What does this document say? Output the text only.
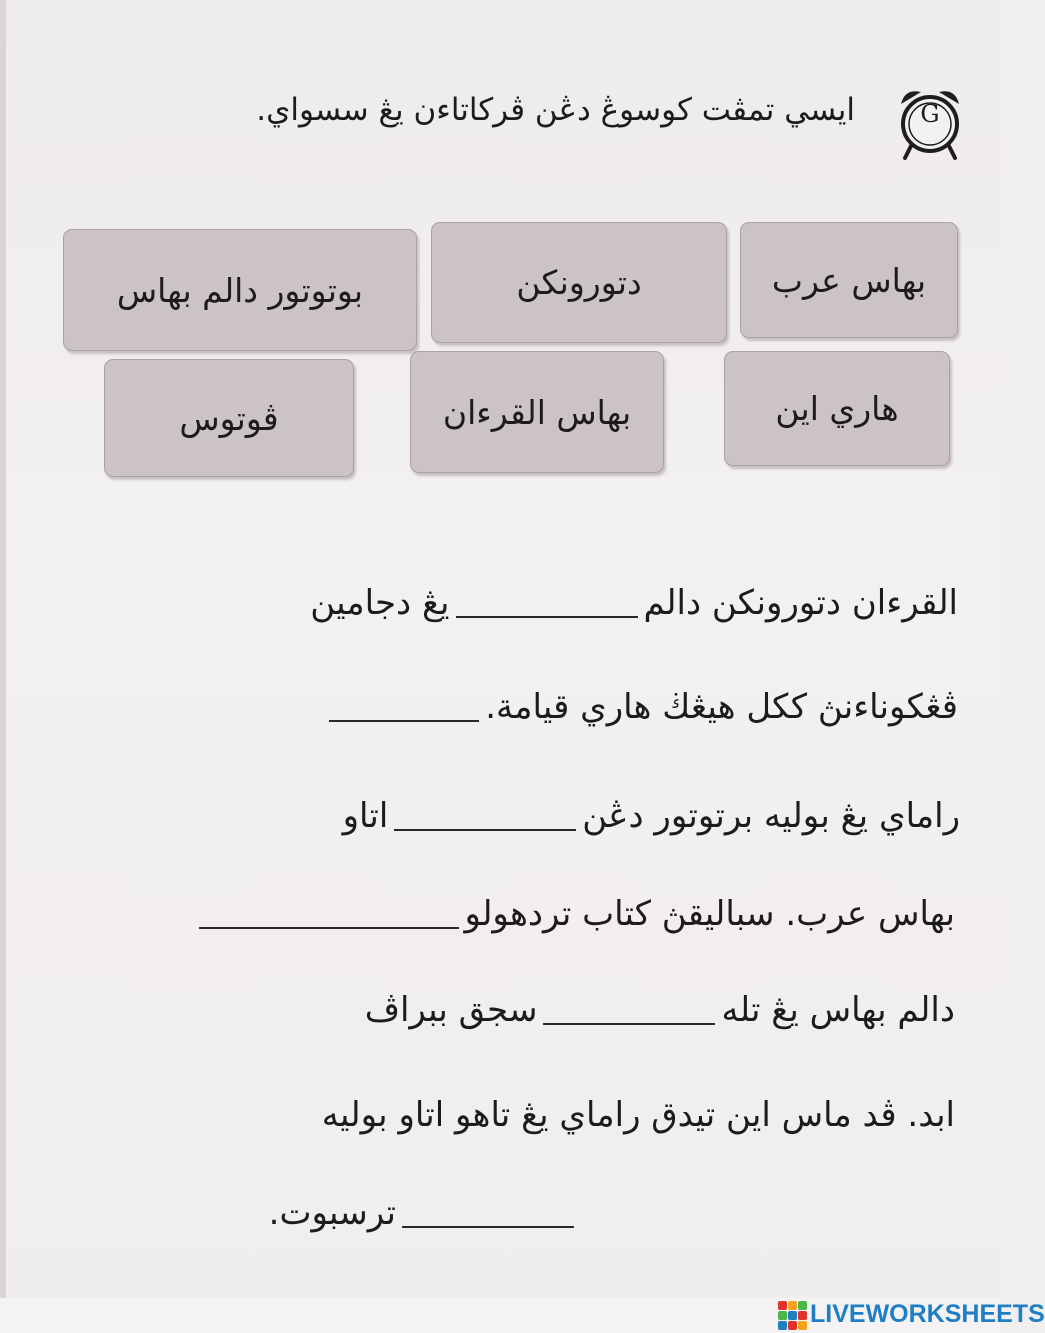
G
ايسي تمڤت كوسوڠ دڠن ڤركاتاءن يڠ سسواي.
بهاس عرب
دتورونكن
بوتوتور دالم بهاس
هاري اين
بهاس القرءان
ڤوتوس
القرءان دتورونكن دالميڠ دجامين
ڤڠكوناءنڽ ككل هيڠڬ هاري قيامة.
راماي يڠ بوليه برتوتور دڠناتاو
بهاس عرب. سباليقڽ كتاب تردهولو
دالم بهاس يڠ تلهسجق ببراڤ
ابد. ڤد ماس اين تيدق راماي يڠ تاهو اتاو بوليه
ترسبوت.
LIVEWORKSHEETS
